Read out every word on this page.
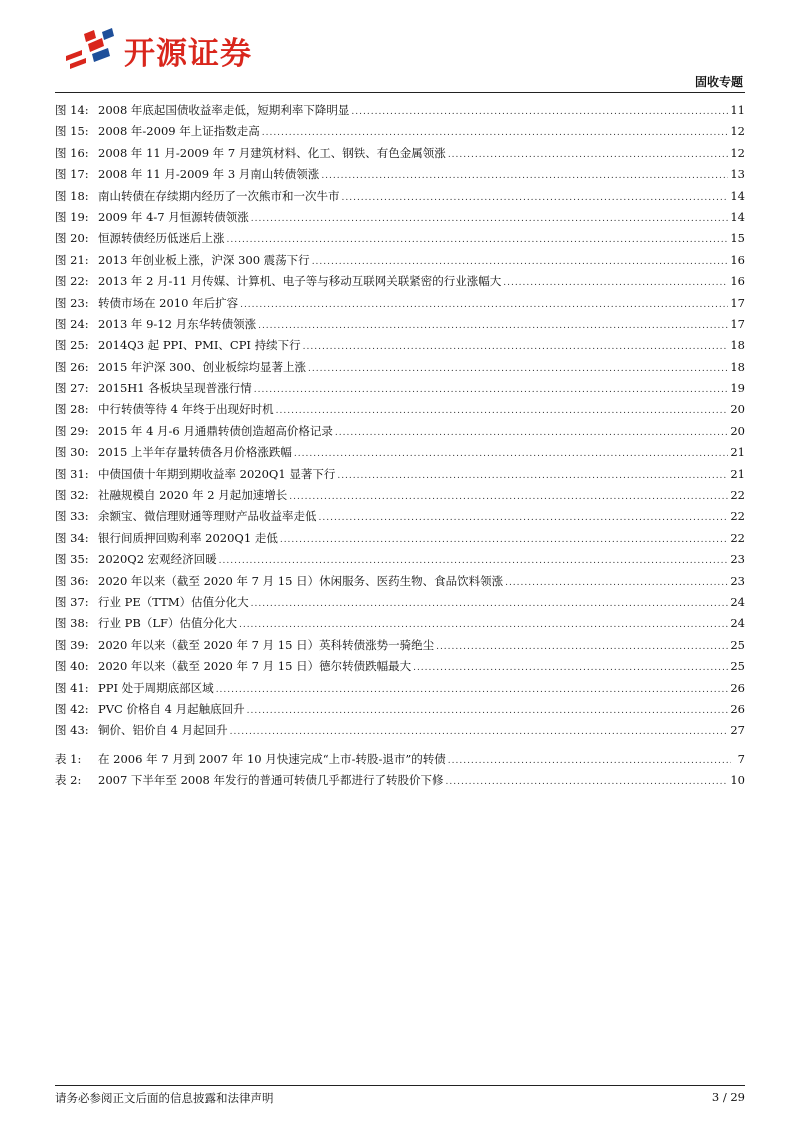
开源证券
固收专题
图 14: 2008 年底起国债收益率走低，短期利率下降明显 .....	11
图 15: 2008 年-2009 年上证指数走高 .....	12
图 16: 2008 年 11 月-2009 年 7 月建筑材料、化工、钢铁、有色金属领涨 .....	12
图 17: 2008 年 11 月-2009 年 3 月南山转债领涨 .....	13
图 18: 南山转债在存续期内经历了一次熊市和一次牛市 .....	14
图 19: 2009 年 4-7 月恒源转债领涨 .....	14
图 20: 恒源转债经历低迷后上涨 .....	15
图 21: 2013 年创业板上涨，沪深 300 震荡下行 .....	16
图 22: 2013 年 2 月-11 月传媒、计算机、电子等与移动互联网关联紧密的行业涨幅大 .....	16
图 23: 转债市场在 2010 年后扩容 .....	17
图 24: 2013 年 9-12 月东华转债领涨 .....	17
图 25: 2014Q3 起 PPI、PMI、CPI 持续下行 .....	18
图 26: 2015 年沪深 300、创业板综均显著上涨 .....	18
图 27: 2015H1 各板块呈现普涨行情 .....	19
图 28: 中行转债等待 4 年终于出现好时机 .....	20
图 29: 2015 年 4 月-6 月通鼎转债创造超高价格记录 .....	20
图 30: 2015 上半年存量转债各月价格涨跌幅 .....	21
图 31: 中债国债十年期到期收益率 2020Q1 显著下行 .....	21
图 32: 社融规模自 2020 年 2 月起加速增长 .....	22
图 33: 余额宝、微信理财通等理财产品收益率走低 .....	22
图 34: 银行间质押回购利率 2020Q1 走低 .....	22
图 35: 2020Q2 宏观经济回暖 .....	23
图 36: 2020 年以来（截至 2020 年 7 月 15 日）休闲服务、医药生物、食品饮料领涨 .....	23
图 37: 行业 PE（TTM）估值分化大 .....	24
图 38: 行业 PB（LF）估值分化大 .....	24
图 39: 2020 年以来（截至 2020 年 7 月 15 日）英科转债涨势一骑绝尘 .....	25
图 40: 2020 年以来（截至 2020 年 7 月 15 日）德尔转债跌幅最大 .....	25
图 41: PPI 处于周期底部区域 .....	26
图 42: PVC 价格自 4 月起触底回升 .....	26
图 43: 铜价、铝价自 4 月起回升 .....	27
表 1:	在 2006 年 7 月到 2007 年 10 月快速完成“上市-转股-退市”的转债 .....	7
表 2:	2007 下半年至 2008 年发行的普通可转债几乎都进行了转股价下修 .....	10
请务必参阅正文后面的信息披露和法律声明	3 / 29
